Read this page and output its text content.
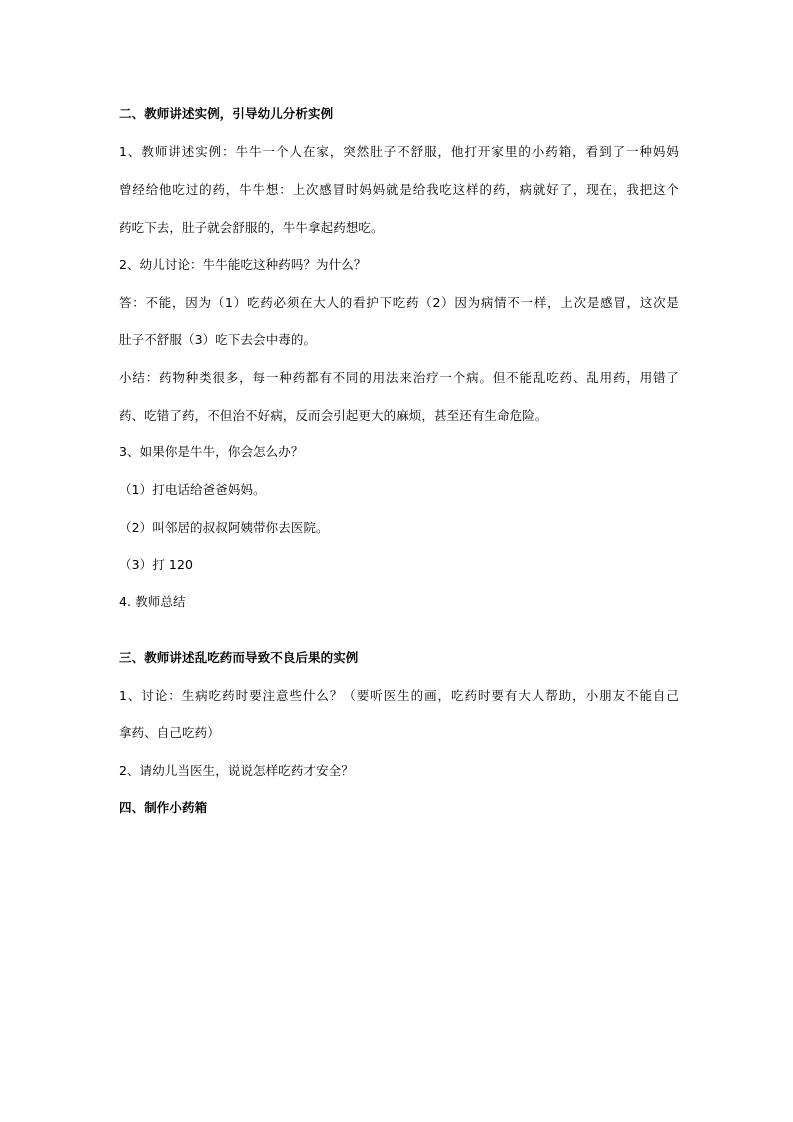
二、教师讲述实例，引导幼儿分析实例
1、教师讲述实例：牛牛一个人在家，突然肚子不舒服，他打开家里的小药箱，看到了一种妈妈
曾经给他吃过的药，牛牛想：上次感冒时妈妈就是给我吃这样的药，病就好了，现在，我把这个
药吃下去，肚子就会舒服的，牛牛拿起药想吃。
2、幼儿讨论：牛牛能吃这种药吗？为什么？
答：不能，因为（1）吃药必须在大人的看护下吃药（2）因为病情不一样，上次是感冒，这次是
肚子不舒服（3）吃下去会中毒的。
小结：药物种类很多，每一种药都有不同的用法来治疗一个病。但不能乱吃药、乱用药，用错了
药、吃错了药，不但治不好病，反而会引起更大的麻烦，甚至还有生命危险。
3、如果你是牛牛，你会怎么办？
（1）打电话给爸爸妈妈。
（2）叫邻居的叔叔阿姨带你去医院。
（3）打 120
4. 教师总结
三、教师讲述乱吃药而导致不良后果的实例
1、讨论：生病吃药时要注意些什么？（要听医生的画，吃药时要有大人帮助，小朋友不能自己
拿药、自己吃药）
2、请幼儿当医生，说说怎样吃药才安全？
四、制作小药箱
